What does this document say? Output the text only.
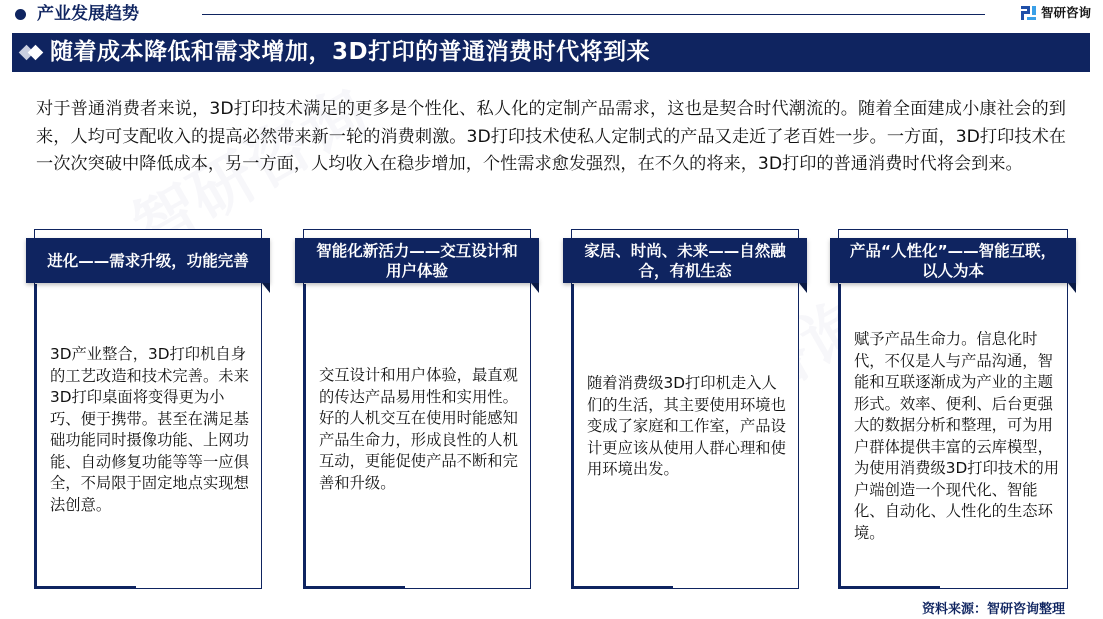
产业发展趋势	智研咨询
随着成本降低和需求增加，3D打印的普通消费时代将到来
对于普通消费者来说，3D打印技术满足的更多是个性化、私人化的定制产品需求，这也是契合时代潮流的。随着全面建成小康社会的到来，人均可支配收入的提高必然带来新一轮的消费刺激。3D打印技术使私人定制式的产品又走近了老百姓一步。一方面，3D打印技术在一次次突破中降低成本，另一方面，人均收入在稳步增加，个性需求愈发强烈，在不久的将来，3D打印的普通消费时代将会到来。
进化——需求升级，功能完善
3D产业整合，3D打印机自身的工艺改造和技术完善。未来3D打印桌面将变得更为小巧、便于携带。甚至在满足基础功能同时摄像功能、上网功能、自动修复功能等等一应俱全，不局限于固定地点实现想法创意。
智能化新活力——交互设计和用户体验
交互设计和用户体验，最直观的传达产品易用性和实用性。好的人机交互在使用时能感知产品生命力，形成良性的人机互动，更能促使产品不断和完善和升级。
家居、时尚、未来——自然融合，有机生态
随着消费级3D打印机走入人们的生活，其主要使用环境也变成了家庭和工作室，产品设计更应该从使用人群心理和使用环境出发。
产品“人性化”——智能互联，以人为本
赋予产品生命力。信息化时代，不仅是人与产品沟通，智能和互联逐渐成为产业的主题形式。效率、便利、后台更强大的数据分析和整理，可为用户群体提供丰富的云库模型，为使用消费级3D打印技术的用户端创造一个现代化、智能化、自动化、人性化的生态环境。
资料来源：智研咨询整理
